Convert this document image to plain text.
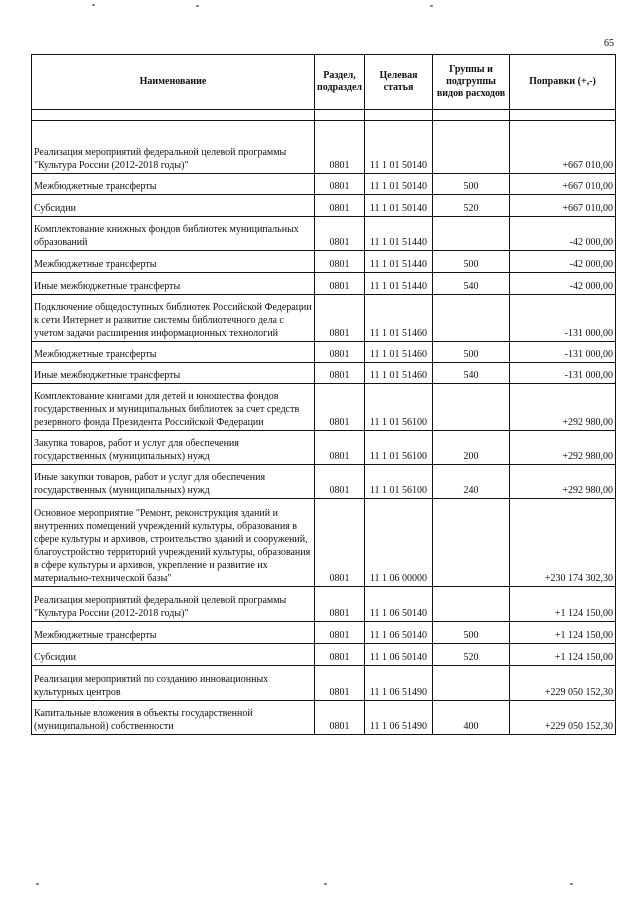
65
Наименование	Раздел, подраздел	Целевая статья	Группы и подгруппы видов расходов	Поправки (+,-)

Реализация мероприятий федеральной целевой программы "Культура России (2012-2018 годы)"	0801	11 1 01 50140		+667 010,00
Межбюджетные трансферты	0801	11 1 01 50140	500	+667 010,00
Субсидии	0801	11 1 01 50140	520	+667 010,00
Комплектование книжных фондов библиотек муниципальных образований	0801	11 1 01 51440		-42 000,00
Межбюджетные трансферты	0801	11 1 01 51440	500	-42 000,00
Иные межбюджетные трансферты	0801	11 1 01 51440	540	-42 000,00
Подключение общедоступных библиотек Российской Федерации к сети Интернет и развитие системы библиотечного дела с учетом задачи расширения информационных технологий	0801	11 1 01 51460		-131 000,00
Межбюджетные трансферты	0801	11 1 01 51460	500	-131 000,00
Иные межбюджетные трансферты	0801	11 1 01 51460	540	-131 000,00
Комплектование книгами для детей и юношества фондов государственных и муниципальных библиотек за счет средств резервного фонда Президента Российской Федерации	0801	11 1 01 56100		+292 980,00
Закупка товаров, работ и услуг для обеспечения государственных (муниципальных) нужд	0801	11 1 01 56100	200	+292 980,00
Иные закупки товаров, работ и услуг для обеспечения государственных (муниципальных) нужд	0801	11 1 01 56100	240	+292 980,00
Основное мероприятие "Ремонт, реконструкция зданий и внутренних помещений учреждений культуры, образования в сфере культуры и архивов, строительство зданий и сооружений, благоустройство территорий учреждений культуры, образования в сфере культуры и архивов, укрепление и развитие их материально-технической базы"	0801	11 1 06 00000		+230 174 302,30
Реализация мероприятий федеральной целевой программы "Культура России (2012-2018 годы)"	0801	11 1 06 50140		+1 124 150,00
Межбюджетные трансферты	0801	11 1 06 50140	500	+1 124 150,00
Субсидии	0801	11 1 06 50140	520	+1 124 150,00
Реализация мероприятий по созданию инновационных культурных центров	0801	11 1 06 51490		+229 050 152,30
Капитальные вложения в объекты государственной (муниципальной) собственности	0801	11 1 06 51490	400	+229 050 152,30
